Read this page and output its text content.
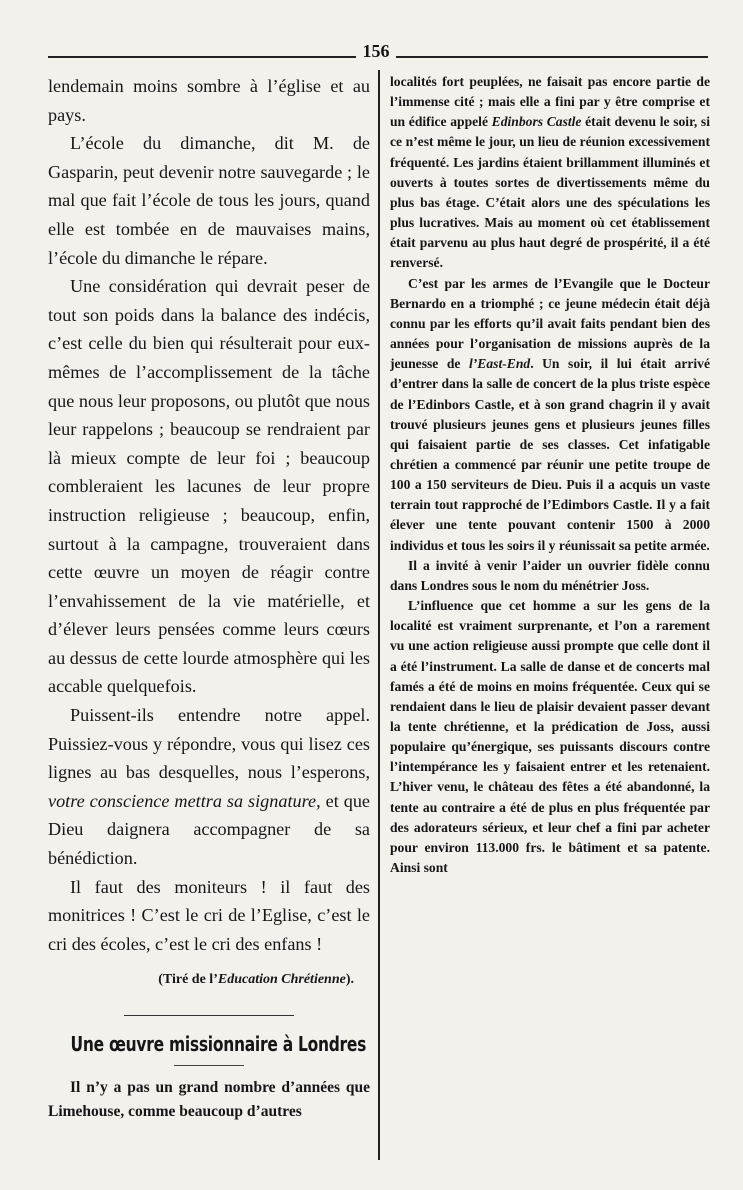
156

lendemain moins sombre à l’église et au pays.

L’école du dimanche, dit M. de Gasparin, peut devenir notre sauvegarde ; le mal que fait l’école de tous les jours, quand elle est tombée en de mauvaises mains, l’école du dimanche le répare.

Une considération qui devrait peser de tout son poids dans la balance des indécis, c’est celle du bien qui résulterait pour eux-mêmes de l’accomplissement de la tâche que nous leur proposons, ou plutôt que nous leur rappelons ; beaucoup se rendraient par là mieux compte de leur foi ; beaucoup combleraient les lacunes de leur propre instruction religieuse ; beaucoup, enfin, surtout à la campagne, trouveraient dans cette œuvre un moyen de réagir contre l’envahissement de la vie matérielle, et d’élever leurs pensées comme leurs cœurs au dessus de cette lourde atmosphère qui les accable quelquefois.

Puissent-ils entendre notre appel. Puissiez-vous y répondre, vous qui lisez ces lignes au bas desquelles, nous l’esperons, votre conscience mettra sa signature, et que Dieu daignera accompagner de sa bénédiction.

Il faut des moniteurs ! il faut des monitrices ! C’est le cri de l’Eglise, c’est le cri des écoles, c’est le cri des enfans !

(Tiré de l’Education Chrétienne).
Une œuvre missionnaire à Londres

Il n’y a pas un grand nombre d’années que Limehouse, comme beaucoup d’autres

localités fort peuplées, ne faisait pas encore partie de l’immense cité ; mais elle a fini par y être comprise et un édifice appelé Edinbors Castle était devenu le soir, si ce n’est même le jour, un lieu de réunion excessivement fréquenté. Les jardins étaient brillamment illuminés et ouverts à toutes sortes de divertissements même du plus bas étage. C’était alors une des spéculations les plus lucratives. Mais au moment où cet établissement était parvenu au plus haut degré de prospérité, il a été renversé.

C’est par les armes de l’Evangile que le Docteur Bernardo en a triomphé ; ce jeune médecin était déjà connu par les efforts qu’il avait faits pendant bien des années pour l’organisation de missions auprès de la jeunesse de l’East-End. Un soir, il lui était arrivé d’entrer dans la salle de concert de la plus triste espèce de l’Edinbors Castle, et à son grand chagrin il y avait trouvé plusieurs jeunes gens et plusieurs jeunes filles qui faisaient partie de ses classes. Cet infatigable chrétien a commencé par réunir une petite troupe de 100 a 150 serviteurs de Dieu. Puis il a acquis un vaste terrain tout rapproché de l’Edimbors Castle. Il y a fait élever une tente pouvant contenir 1500 à 2000 individus et tous les soirs il y réunissait sa petite armée.

Il a invité à venir l’aider un ouvrier fidèle connu dans Londres sous le nom du ménétrier Joss.

L’influence que cet homme a sur les gens de la localité est vraiment surprenante, et l’on a rarement vu une action religieuse aussi prompte que celle dont il a été l’instrument. La salle de danse et de concerts mal famés a été de moins en moins fréquentée. Ceux qui se rendaient dans le lieu de plaisir devaient passer devant la tente chrétienne, et la prédication de Joss, aussi populaire qu’énergique, ses puissants discours contre l’intempérance les y faisaient entrer et les retenaient. L’hiver venu, le château des fêtes a été abandonné, la tente au contraire a été de plus en plus fréquentée par des adorateurs sérieux, et leur chef a fini par acheter pour environ 113.000 frs. le bâtiment et sa patente. Ainsi sont
